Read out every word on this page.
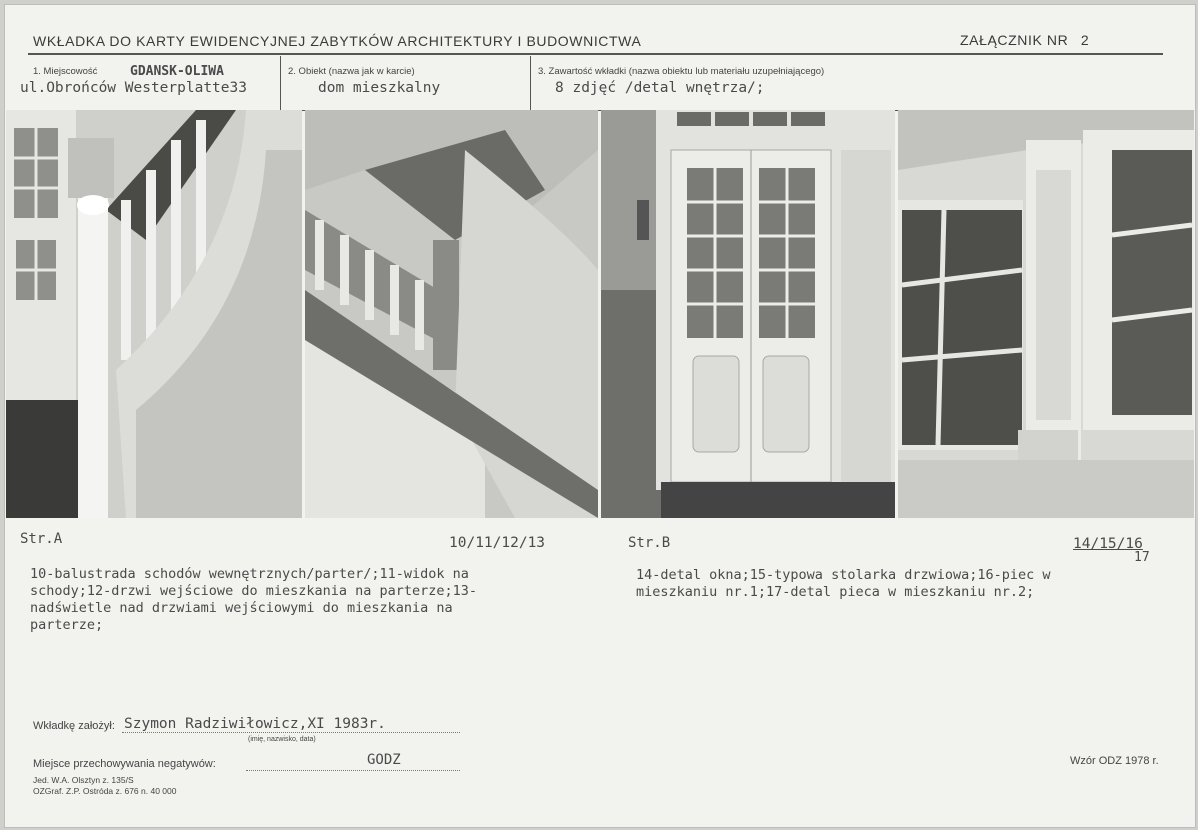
WKŁADKA DO KARTY EWIDENCYJNEJ ZABYTKÓW ARCHITEKTURY I BUDOWNICTWA	ZAŁĄCZNIK NR 2
1. Miejscowość	GDANSK-OLIWA
ul.Obrońców Westerplatte33
2. Obiekt (nazwa jak w karcie)
dom mieszkalny
3. Zawartość wkładki (nazwa obiektu lub materiału uzupełniającego)
8 zdjęć /detal wnętrza/;
Str.A	10/11/12/13
10-balustrada schodów wewnętrznych/parter/;11-widok na
schody;12-drzwi wejściowe do mieszkania na parterze;13-
nadświetle nad drzwiami wejściowymi do mieszkania na
parterze;
Str.B	14/15/16
17
14-detal okna;15-typowa stolarka drzwiowa;16-piec w
mieszkaniu nr.1;17-detal pieca w mieszkaniu nr.2;
Wkładkę założył: Szymon Radziwiłowicz,XI 1983r.
(imię, nazwisko, data)
Miejsce przechowywania negatywów:	GODZ
Jed. W.A. Olsztyn z. 135/S
OZGraf. Z.P. Ostróda z. 676 n. 40 000
Wzór ODZ 1978 r.
